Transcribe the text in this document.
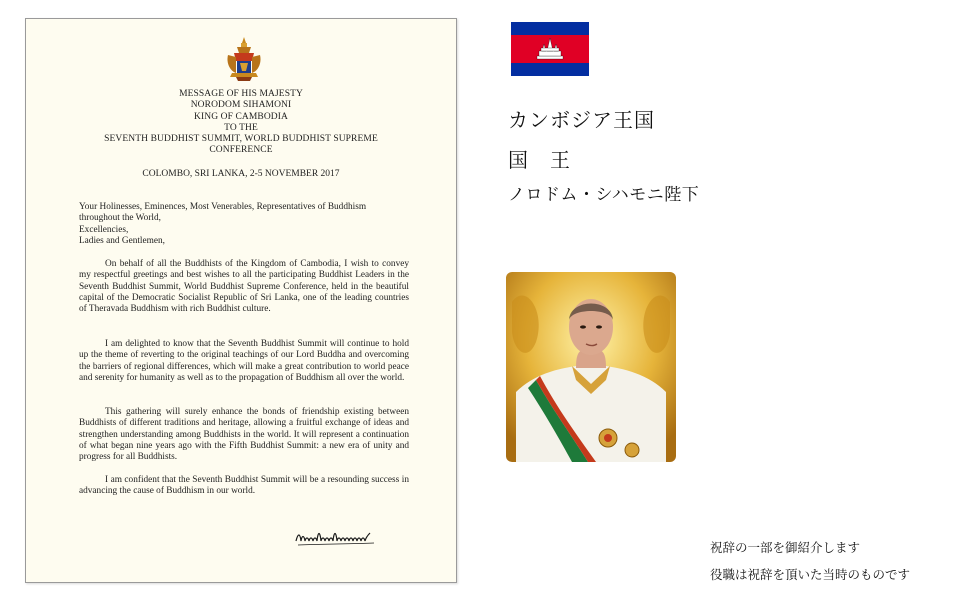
MESSAGE OF HIS MAJESTY
NORODOM SIHAMONI
KING OF CAMBODIA
TO THE
SEVENTH BUDDHIST SUMMIT, WORLD BUDDHIST SUPREME
CONFERENCE
COLOMBO, SRI LANKA, 2-5 NOVEMBER 2017
Your Holinesses, Eminences, Most Venerables, Representatives of Buddhism
throughout the World,
Excellencies,
Ladies and Gentlemen,

On behalf of all the Buddhists of the Kingdom of Cambodia, I wish to convey my respectful greetings and best wishes to all the participating Buddhist Leaders in the Seventh Buddhist Summit, World Buddhist Supreme Conference, held in the beautiful capital of the Democratic Socialist Republic of Sri Lanka, one of the leading countries of Theravada Buddhism with rich Buddhist culture.

I am delighted to know that the Seventh Buddhist Summit will continue to hold up the theme of reverting to the original teachings of our Lord Buddha and overcoming the barriers of regional differences, which will make a great contribution to world peace and serenity for humanity as well as to the propagation of Buddhism all over the world.

This gathering will surely enhance the bonds of friendship existing between Buddhists of different traditions and heritage, allowing a fruitful exchange of ideas and strengthen understanding among Buddhists in the world. It will represent a continuation of what began nine years ago with the Fifth Buddhist Summit: a new era of unity and progress for all Buddhists.

I am confident that the Seventh Buddhist Summit will be a resounding success in advancing the cause of Buddhism in our world.

カンボジア王国
国　王
ノロドム・シハモニ陛下
祝辞の一部を御紹介します
役職は祝辞を頂いた当時のものです
